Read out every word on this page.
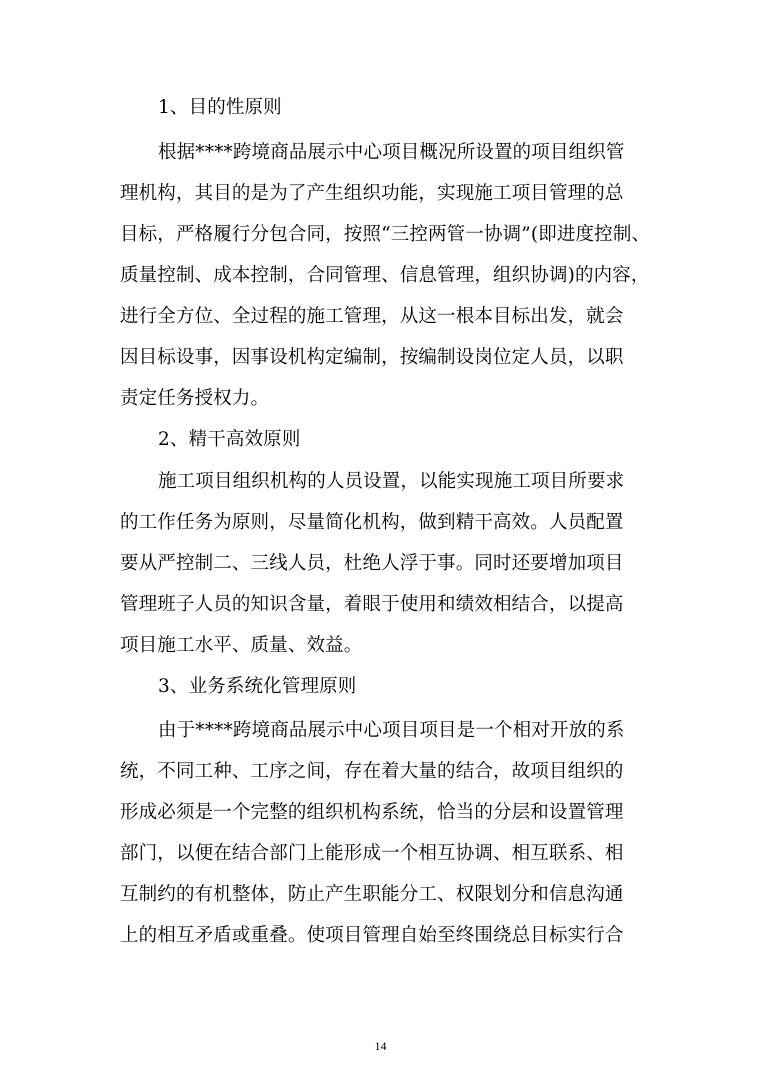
1、目的性原则

根据****跨境商品展示中心项目概况所设置的项目组织管

理机构，其目的是为了产生组织功能，实现施工项目管理的总

目标，严格履行分包合同，按照“三控两管一协调”(即进度控制、

质量控制、成本控制，合同管理、信息管理，组织协调)的内容，

进行全方位、全过程的施工管理，从这一根本目标出发，就会

因目标设事，因事设机构定编制，按编制设岗位定人员，以职

责定任务授权力。

2、精干高效原则

施工项目组织机构的人员设置，以能实现施工项目所要求

的工作任务为原则，尽量简化机构，做到精干高效。人员配置

要从严控制二、三线人员，杜绝人浮于事。同时还要增加项目

管理班子人员的知识含量，着眼于使用和绩效相结合，以提高

项目施工水平、质量、效益。

3、业务系统化管理原则

由于****跨境商品展示中心项目项目是一个相对开放的系

统，不同工种、工序之间，存在着大量的结合，故项目组织的

形成必须是一个完整的组织机构系统，恰当的分层和设置管理

部门，以便在结合部门上能形成一个相互协调、相互联系、相

互制约的有机整体，防止产生职能分工、权限划分和信息沟通

上的相互矛盾或重叠。使项目管理自始至终围绕总目标实行合

14
